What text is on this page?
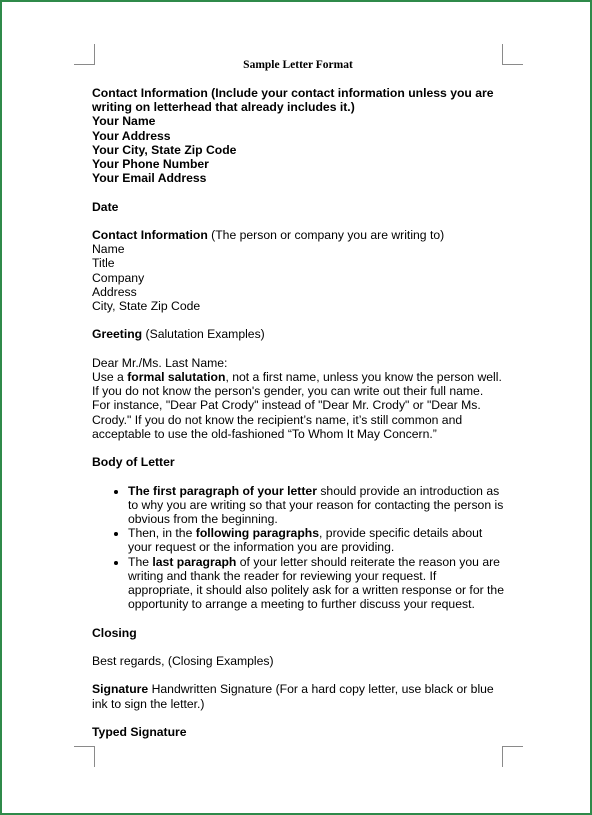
Sample Letter Format

Contact Information (Include your contact information unless you are writing on letterhead that already includes it.)

Your Name

Your Address

Your City, State Zip Code

Your Phone Number

Your Email Address

Date

Contact Information (The person or company you are writing to)

Name

Title

Company

Address

City, State Zip Code

Greeting (Salutation Examples)

Dear Mr./Ms. Last Name:

Use a formal salutation, not a first name, unless you know the person well. If you do not know the person's gender, you can write out their full name. For instance, "Dear Pat Crody" instead of "Dear Mr. Crody" or "Dear Ms. Crody." If you do not know the recipient’s name, it’s still common and acceptable to use the old-fashioned “To Whom It May Concern.”

Body of Letter

• The first paragraph of your letter should provide an introduction as to why you are writing so that your reason for contacting the person is obvious from the beginning.
• Then, in the following paragraphs, provide specific details about your request or the information you are providing.
• The last paragraph of your letter should reiterate the reason you are writing and thank the reader for reviewing your request. If appropriate, it should also politely ask for a written response or for the opportunity to arrange a meeting to further discuss your request.

Closing

Best regards, (Closing Examples)

Signature Handwritten Signature (For a hard copy letter, use black or blue ink to sign the letter.)

Typed Signature
